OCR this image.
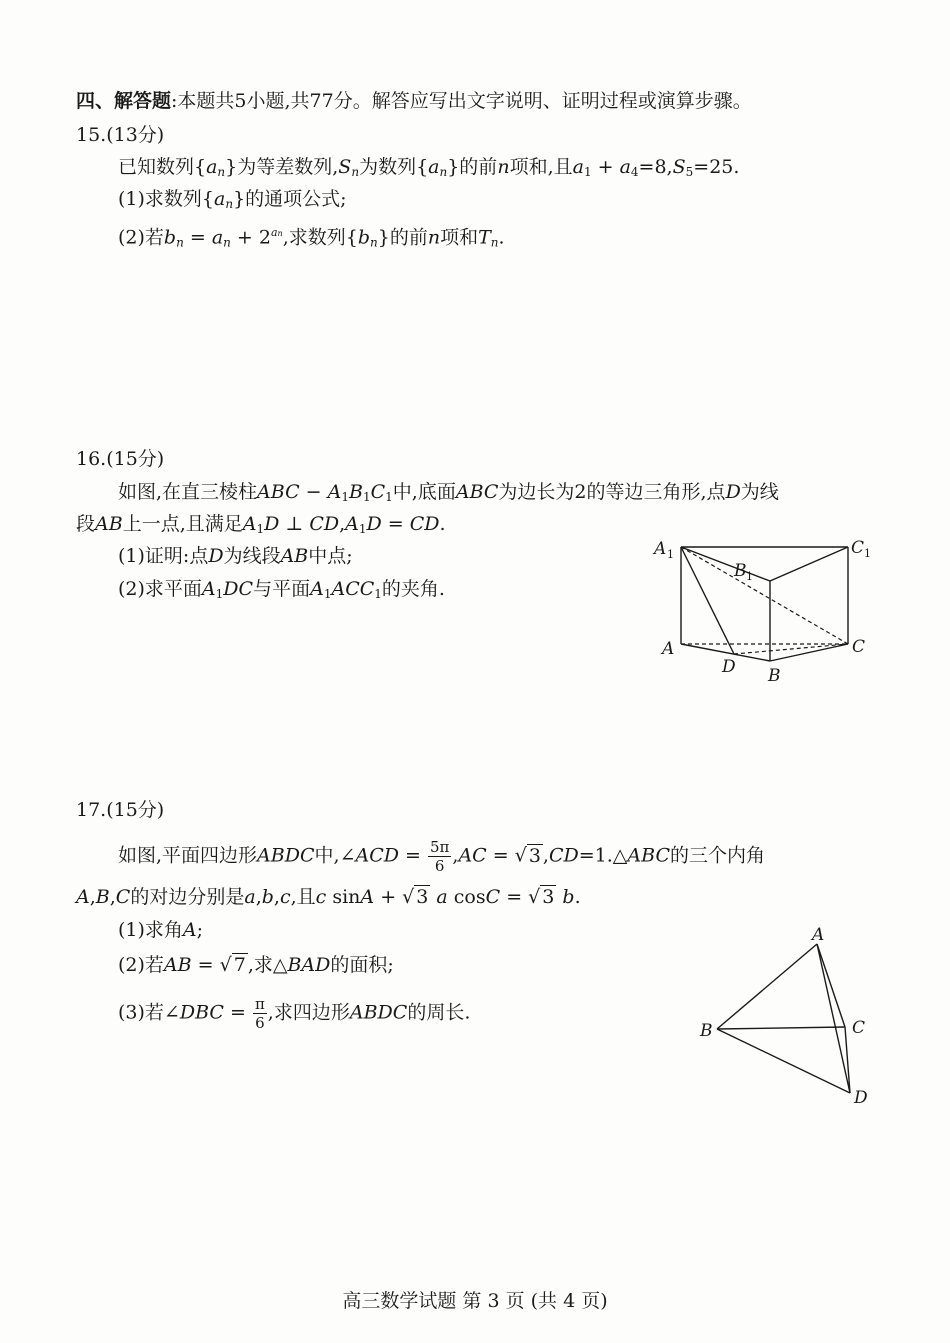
四、解答题:本题共5小题,共77分。解答应写出文字说明、证明过程或演算步骤。
15.(13分)
已知数列$\{a_n\}$为等差数列$,S_n$为数列$\{a_n\}$的前n项和,且$a_1 + a_4=8,S_5=25$.
(1)求数列$\{a_n\}$的通项公式;
(2)若$b_n = a_n + 2^{an}$,求数列$\{b_n\}$的前n项和$T_n$.
16.(15分)
如图,在直三棱柱ABC − $A_1B_1C_1$中,底面ABC为边长为2的等边三角形,点D为线
段AB上一点,且满足$A_1D$ ⊥ $CD,A_1D$ = CD.
(1)证明:点D为线段AB中点;
(2)求平面$A_1DC$与平面$A_1ACC_1$的夹角.
A 1	C 1
B 1
A	C
D B
17.(15分)
如图,平面四边形ABDC中,∠ACD = $\frac{5\pi}{6} ,AC$ = √ 3 ,CD=1.△ABC的三个内角
A,B,C的对边分别是a,b,c,且c sinA + √ 3 a cosC = √ 3 b.
(1)求角A;
(2)若AB = √ 7 ,求△BAD的面积;
(3)若∠DBC = $\frac{\pi}{6}$ ,求四边形ABDC的周长.
A
B	C
D
高三数学试题 第 3 页 (共 4 页)
